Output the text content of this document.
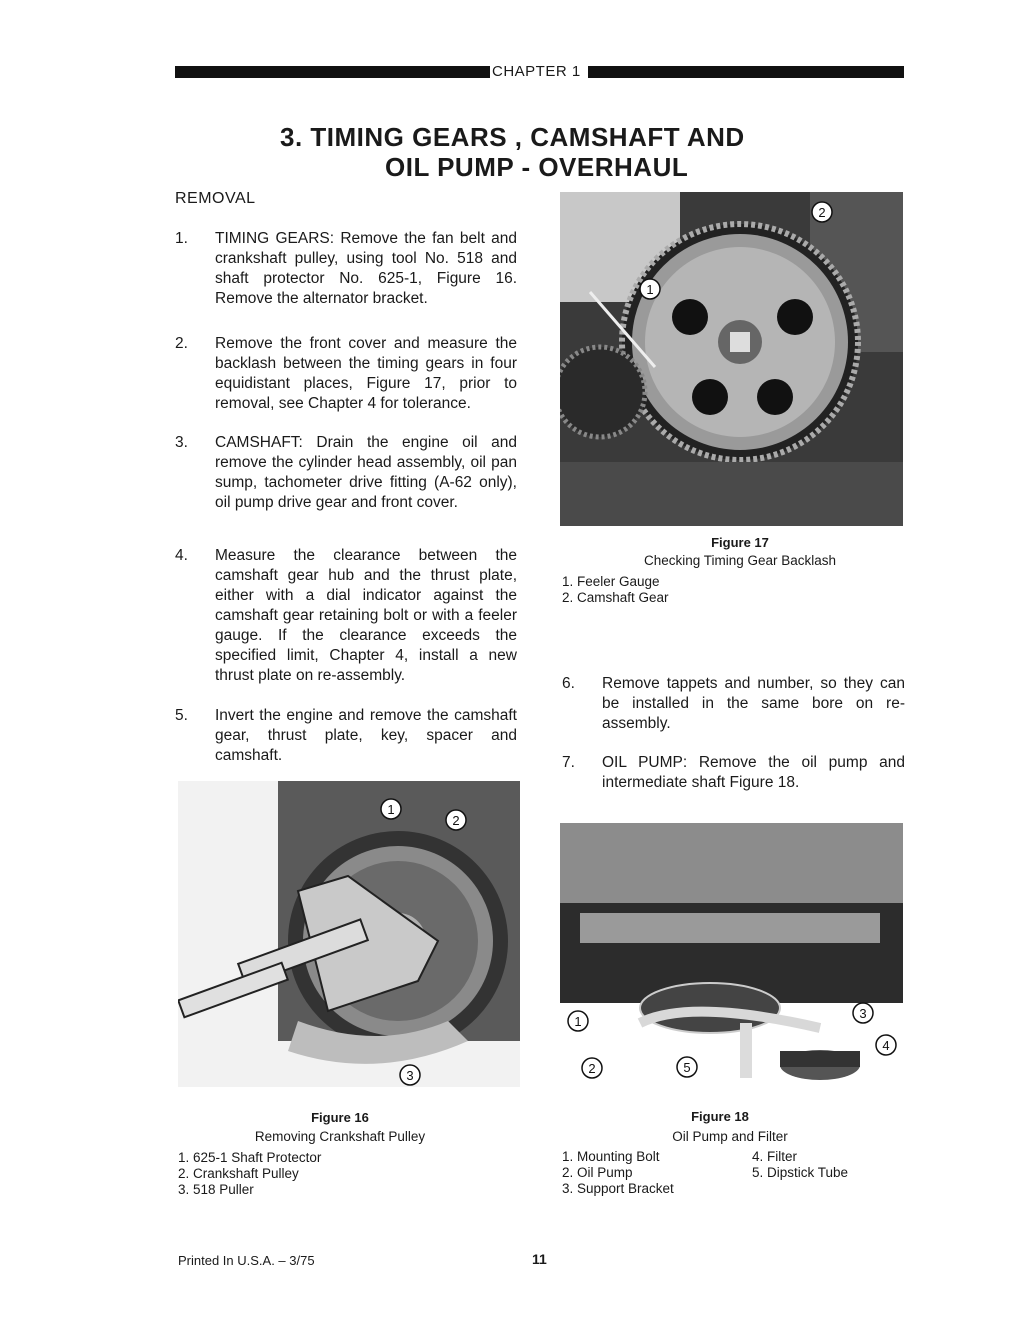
CHAPTER 1
3. TIMING GEARS , CAMSHAFT AND
OIL PUMP - OVERHAUL
REMOVAL
1. TIMING GEARS: Remove the fan belt and crankshaft pulley, using tool No. 518 and shaft protector No. 625-1, Figure 16. Remove the alternator bracket.
2. Remove the front cover and measure the backlash between the timing gears in four equidistant places, Figure 17, prior to removal, see Chapter 4 for tolerance.
3. CAMSHAFT: Drain the engine oil and remove the cylinder head assembly, oil pan sump, tachometer drive fitting (A-62 only), oil pump drive gear and front cover.
4. Measure the clearance between the camshaft gear hub and the thrust plate, either with a dial indicator against the camshaft gear retaining bolt or with a feeler gauge. If the clearance exceeds the specified limit, Chapter 4, install a new thrust plate on re-assembly.
5. Invert the engine and remove the camshaft gear, thrust plate, key, spacer and camshaft.
6. Remove tappets and number, so they can be installed in the same bore on re-assembly.
7. OIL PUMP: Remove the oil pump and intermediate shaft Figure 18.
1
2
Figure 17
Checking Timing Gear Backlash
1. Feeler Gauge
2. Camshaft Gear
1
2
3
Figure 16
Removing Crankshaft Pulley
1. 625-1 Shaft Protector
2. Crankshaft Pulley
3. 518 Puller
1
2
3
4
5
Figure 18
Oil Pump and Filter
1. Mounting Bolt
2. Oil Pump
3. Support Bracket
4. Filter
5. Dipstick Tube
Printed In U.S.A. – 3/75	11
